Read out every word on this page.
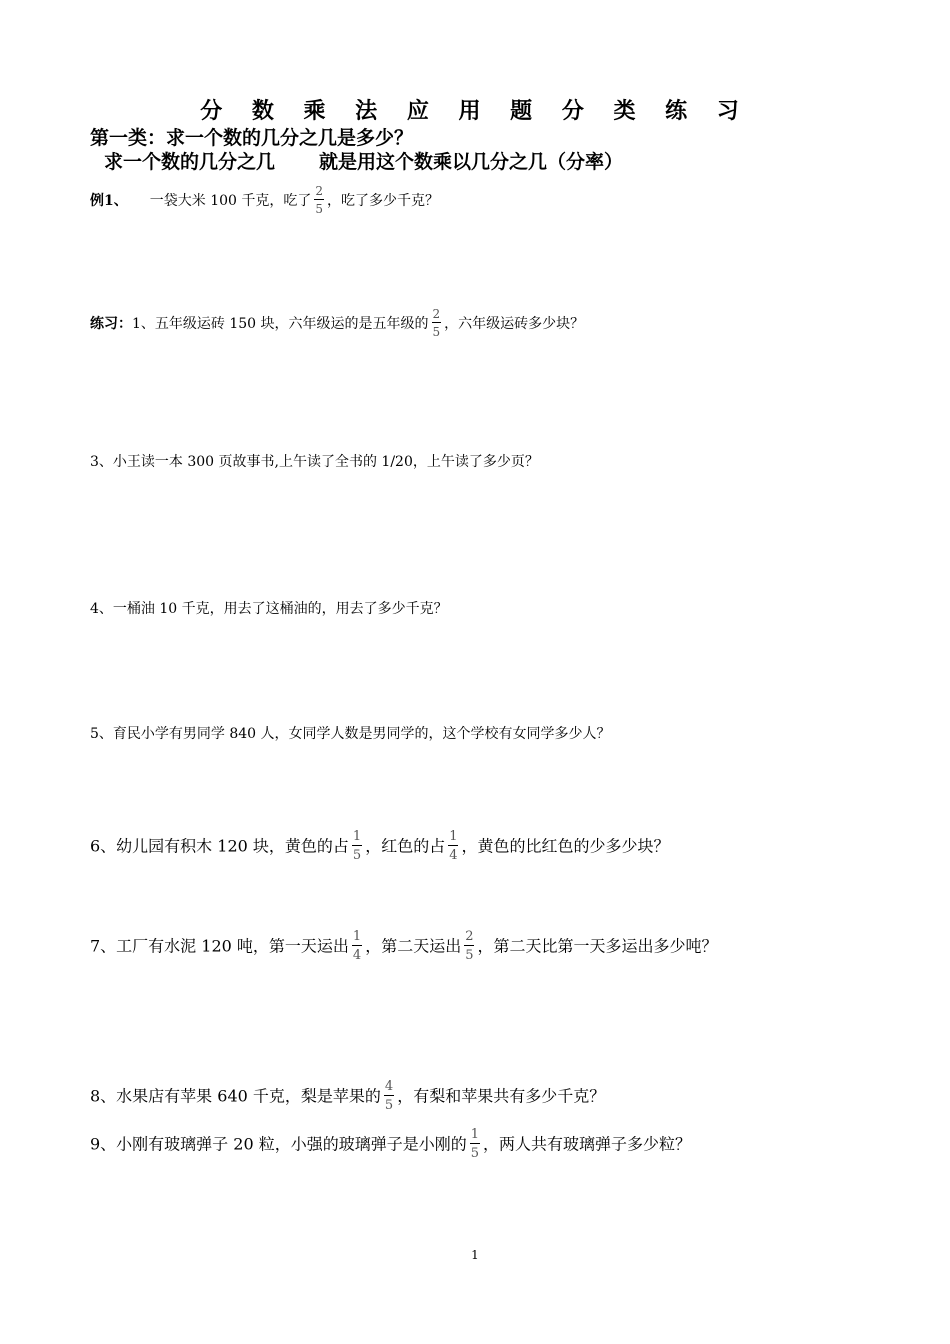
分 数 乘 法 应 用 题 分 类 练 习
第一类：求一个数的几分之几是多少？
求一个数的几分之几 就是用这个数乘以几分之几（分率）
例1、 一袋大米 100 千克，吃了 $\frac{2}{5}$ ，吃了多少千克？
练习：1、五年级运砖 150 块，六年级运的是五年级的 $\frac{2}{5}$ ，六年级运砖多少块？
3、小王读一本 300 页故事书,上午读了全书的 1/20，上午读了多少页？
4、一桶油 10 千克，用去了这桶油的，用去了多少千克？
5、育民小学有男同学 840 人，女同学人数是男同学的，这个学校有女同学多少人？
6、幼儿园有积木 120 块，黄色的占 $\frac{1}{5}$ ，红色的占 $\frac{1}{4}$ ，黄色的比红色的少多少块？
7、工厂有水泥 120 吨，第一天运出 $\frac{1}{4}$ ，第二天运出 $\frac{2}{5}$ ，第二天比第一天多运出多少吨？
8、水果店有苹果 640 千克，梨是苹果的 $\frac{4}{5}$ ，有梨和苹果共有多少千克？
9、小刚有玻璃弹子 20 粒，小强的玻璃弹子是小刚的 $\frac{1}{5}$ ，两人共有玻璃弹子多少粒？
1
